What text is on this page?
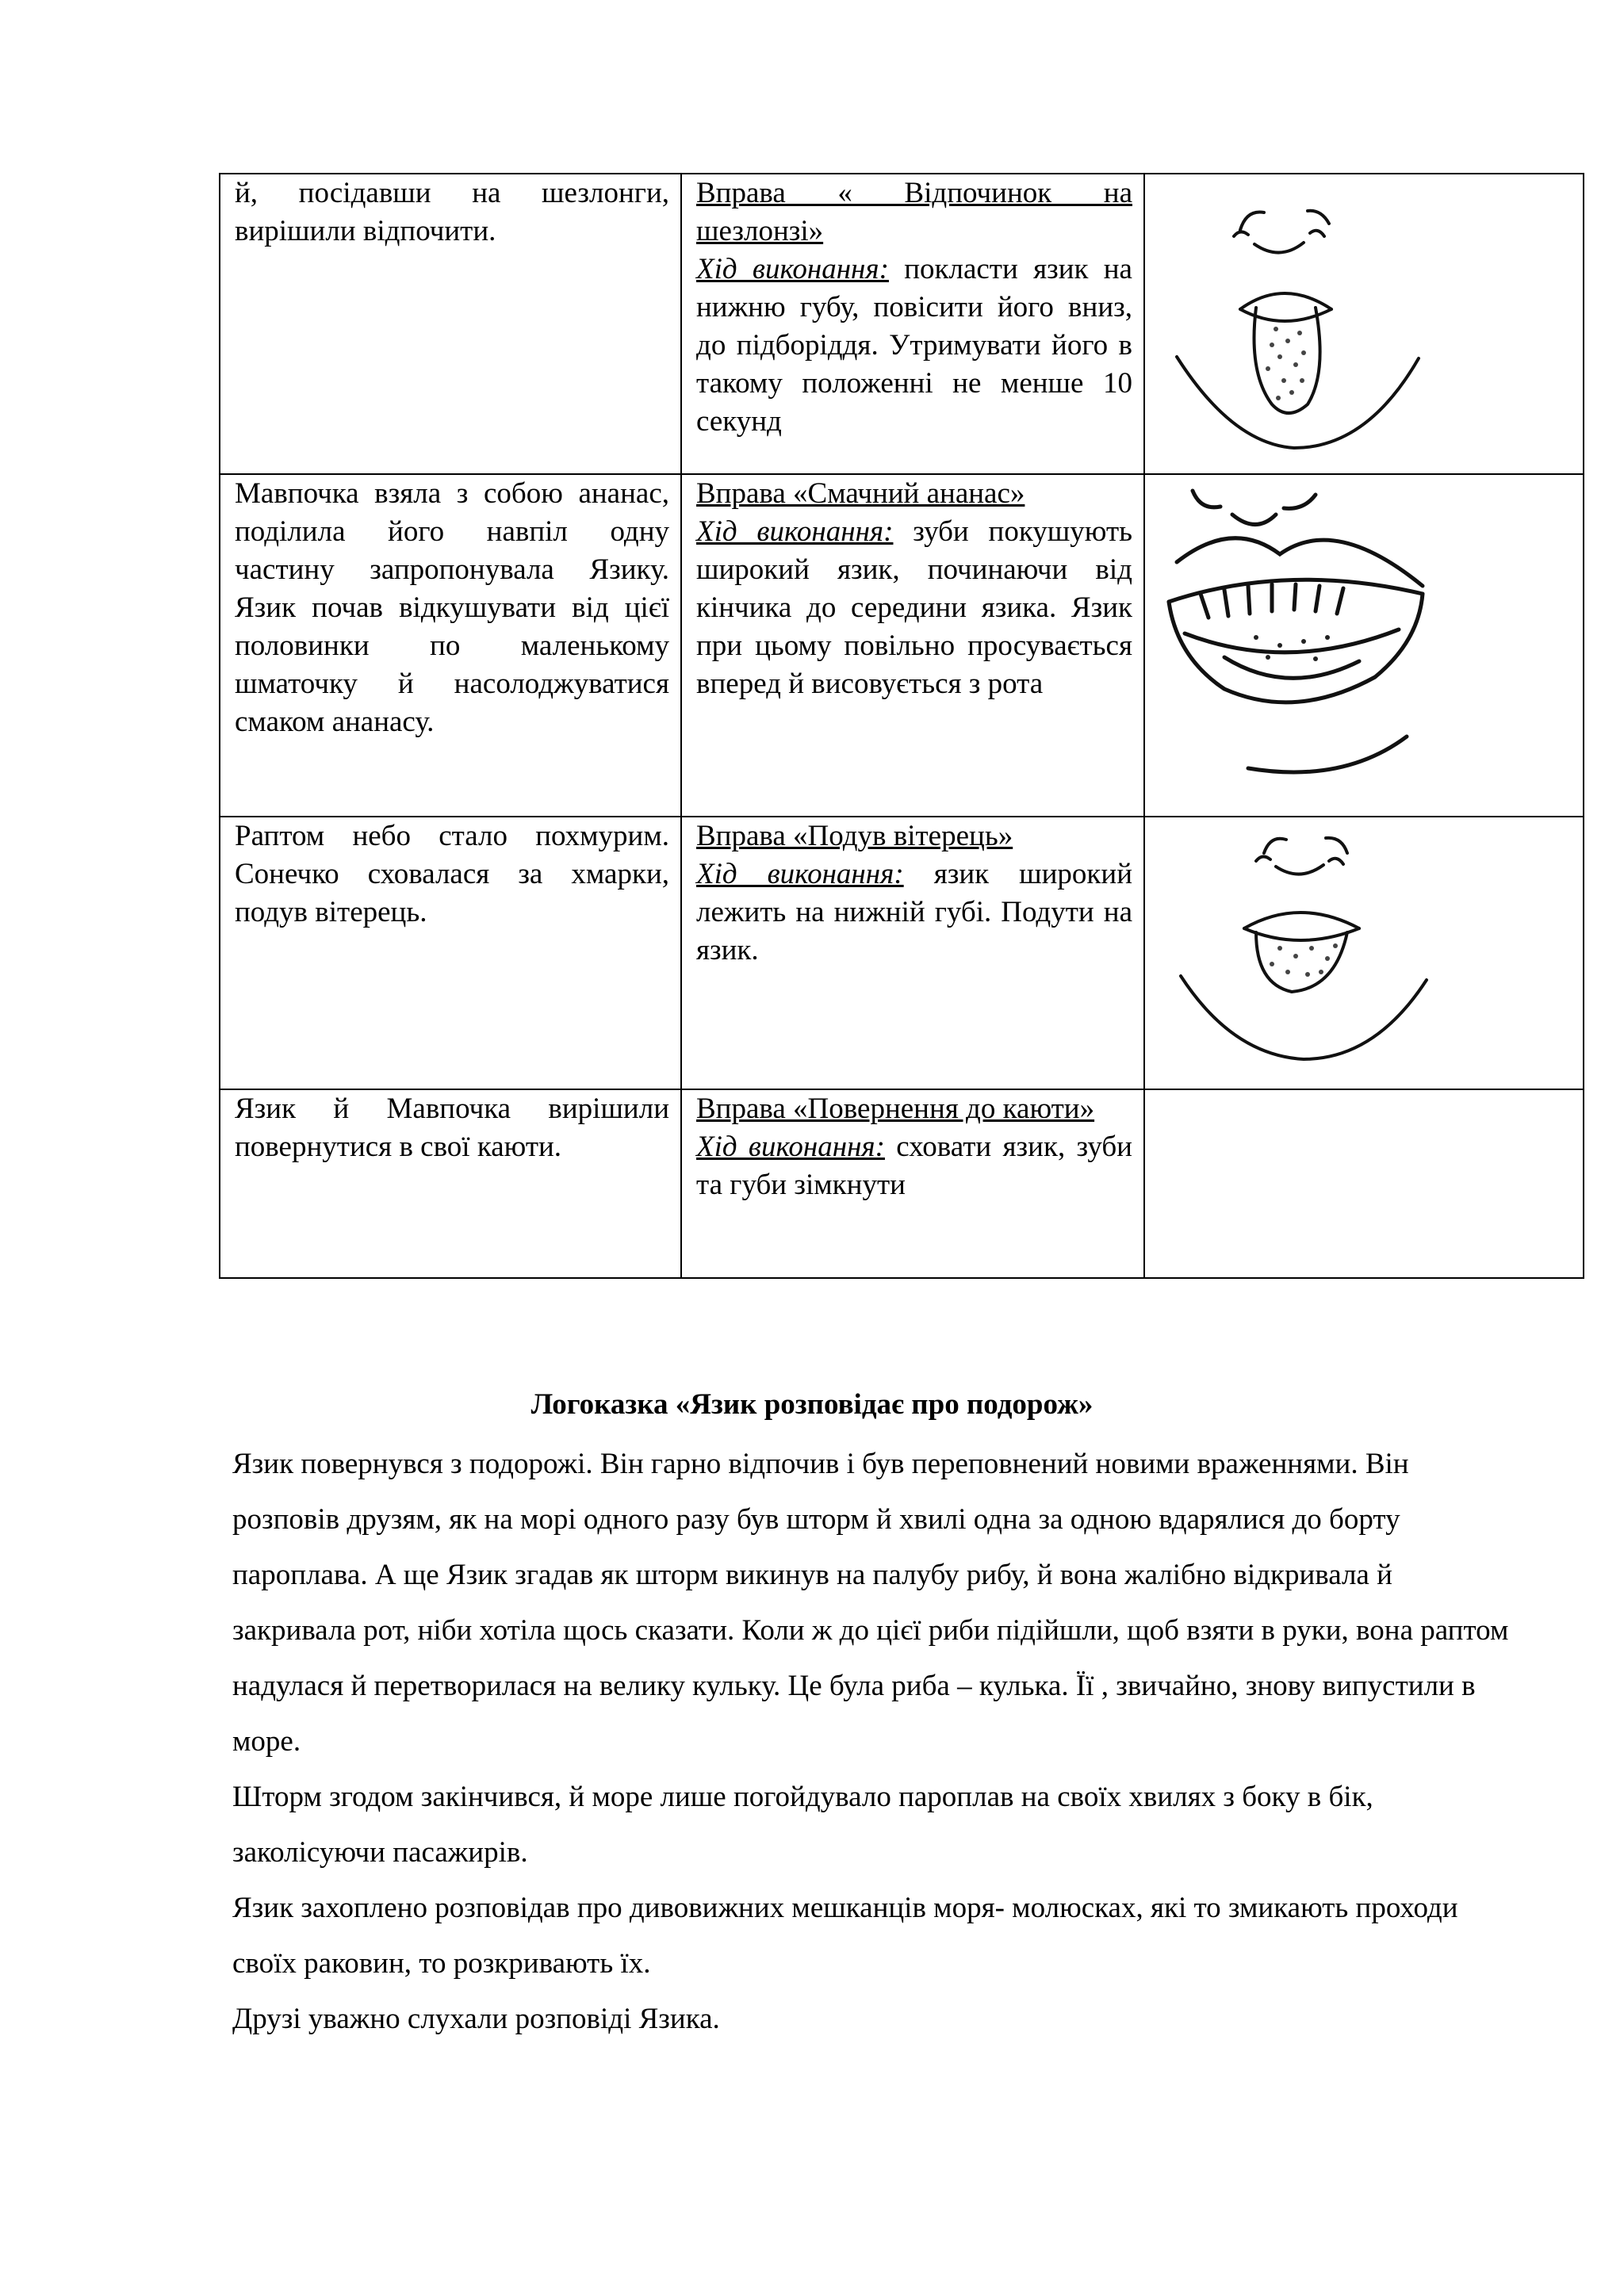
й, посідавши на шезлонги, вирішили відпочити.	Вправа « Відпочинок на шезлонзі»
Хід виконання: покласти язик на нижню губу, повісити його вниз, до підборіддя. Утримувати його в такому положенні не менше 10 секунд	

Мавпочка взяла з собою ананас, поділила його навпіл одну частину запропонувала Язику. Язик почав відкушувати від цієї половинки по маленькому шматочку й насолоджуватися смаком ананасу.	Вправа «Смачний ананас»
Хід виконання: зуби покушують широкий язик, починаючи від кінчика до середини язика. Язик при цьому повільно просувається вперед й висовується з рота	

Раптом небо стало похмурим. Сонечко сховалася за хмарки, подув вітерець.	Вправа «Подув вітерець»
Хід виконання: язик широкий лежить на нижній губі. Подути на язик.	

Язик й Мавпочка вирішили повернутися в свої каюти.	Вправа «Повернення до каюти»
Хід виконання: сховати язик, зуби та губи зімкнути	
Логоказка «Язик розповідає про подорож»

Язик повернувся з подорожі. Він гарно відпочив і був переповнений новими враженнями. Він розповів друзям, як на морі одного разу був шторм й хвилі одна за одною вдарялися до борту пароплава. А ще Язик згадав як шторм викинув на палубу рибу, й вона жалібно відкривала й закривала рот, ніби хотіла щось сказати. Коли ж до цієї риби підійшли, щоб взяти в руки, вона раптом надулася й перетворилася на велику кульку. Це була риба – кулька. Її , звичайно, знову випустили в море.

Шторм згодом закінчився, й море лише погойдувало пароплав на своїх хвилях з боку в бік, заколісуючи пасажирів.

Язик захоплено розповідав про дивовижних мешканців моря- молюсках, які то змикають проходи своїх раковин, то розкривають їх.

Друзі уважно слухали розповіді Язика.
